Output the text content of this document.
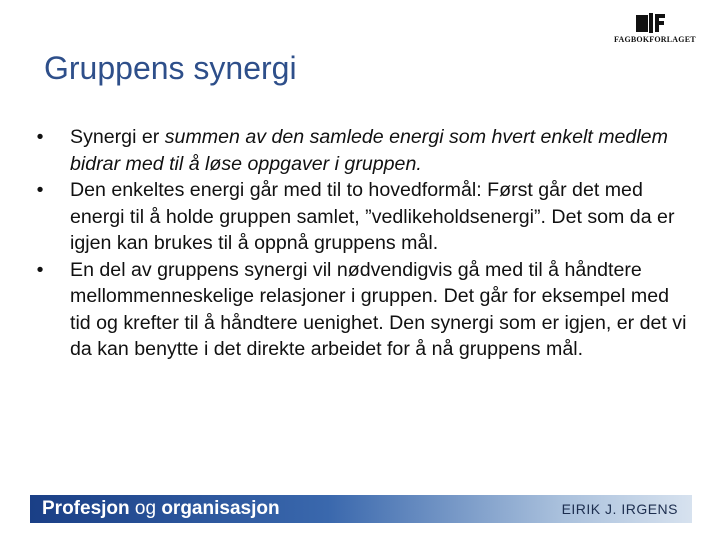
FAGBOKFORLAGET
Gruppens synergi
•	Synergi er summen av den samlede energi som hvert enkelt medlem bidrar med til å løse oppgaver i gruppen.
•	Den enkeltes energi går med til to hovedformål: Først går det med energi til å holde gruppen samlet, ”vedlikeholdsenergi”. Det som da er igjen kan brukes til å oppnå gruppens mål.
•	En del av gruppens synergi vil nødvendigvis gå med til å håndtere mellommenneskelige relasjoner i gruppen. Det går for eksempel med tid og krefter til å håndtere uenighet. Den synergi som er igjen, er det vi da kan benytte i det direkte arbeidet for å nå gruppens mål.
Profesjon og organisasjon	EIRIK J. IRGENS
